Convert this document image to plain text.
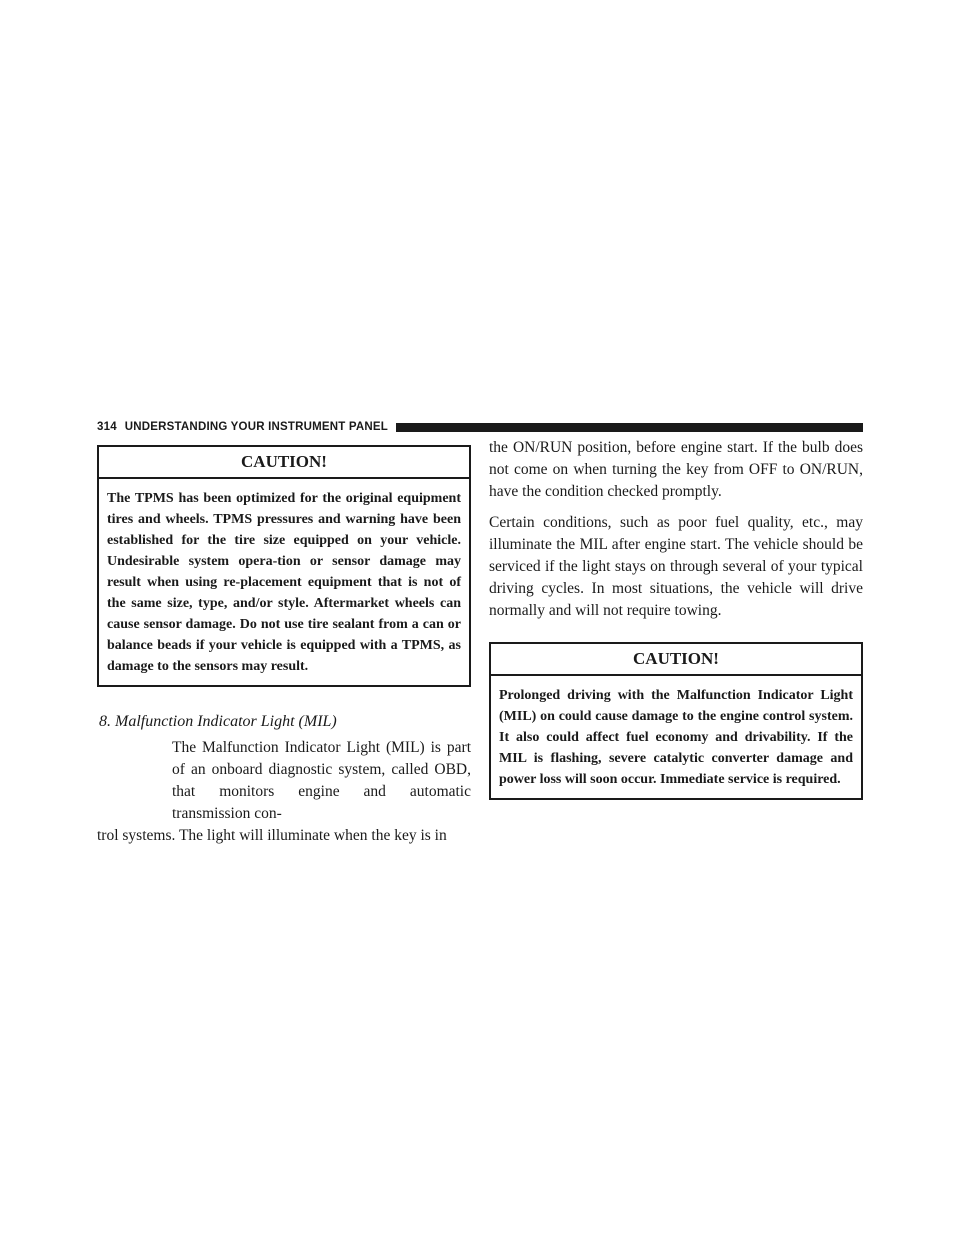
314 UNDERSTANDING YOUR INSTRUMENT PANEL
CAUTION!
The TPMS has been optimized for the original equipment tires and wheels. TPMS pressures and warning have been established for the tire size equipped on your vehicle. Undesirable system opera-tion or sensor damage may result when using re-placement equipment that is not of the same size, type, and/or style. Aftermarket wheels can cause sensor damage. Do not use tire sealant from a can or balance beads if your vehicle is equipped with a TPMS, as damage to the sensors may result.
8. Malfunction Indicator Light (MIL)

The Malfunction Indicator Light (MIL) is part of an onboard diagnostic system, called OBD, that monitors engine and automatic transmission con-

trol systems. The light will illuminate when the key is in

the ON/RUN position, before engine start. If the bulb does not come on when turning the key from OFF to ON/RUN, have the condition checked promptly.

Certain conditions, such as poor fuel quality, etc., may illuminate the MIL after engine start. The vehicle should be serviced if the light stays on through several of your typical driving cycles. In most situations, the vehicle will drive normally and will not require towing.

CAUTION!
Prolonged driving with the Malfunction Indicator Light (MIL) on could cause damage to the engine control system. It also could affect fuel economy and drivability. If the MIL is flashing, severe catalytic converter damage and power loss will soon occur. Immediate service is required.
